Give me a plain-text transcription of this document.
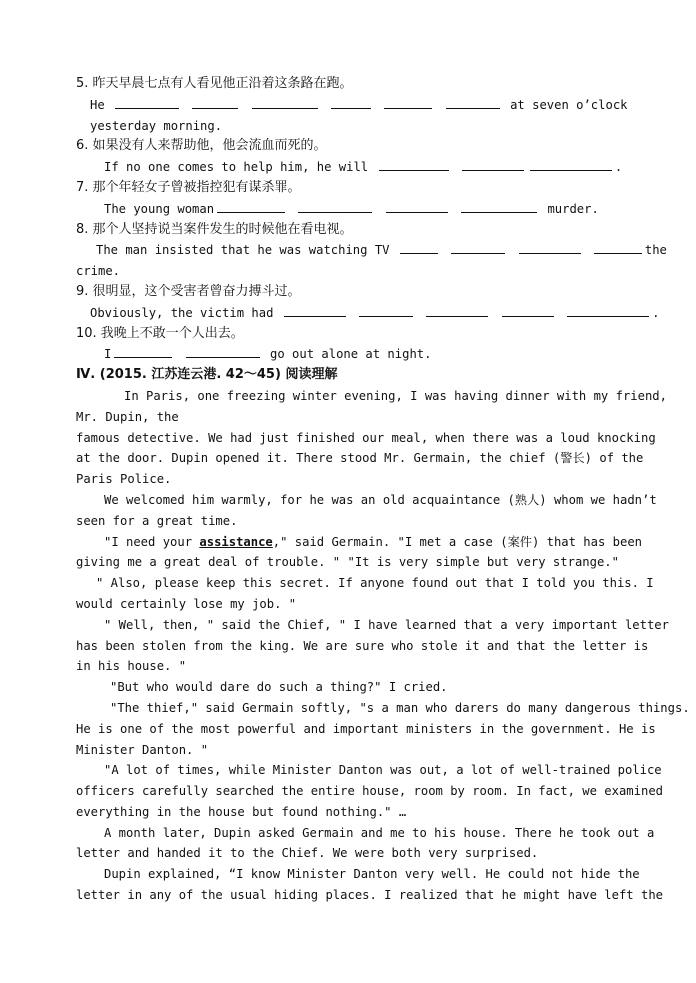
5. 昨天早晨七点有人看见他正沿着这条路在跑。
He	at seven o’clock
yesterday morning.
6. 如果没有人来帮助他，他会流血而死的。
If no one comes to help him, he will	.
7. 那个年轻女子曾被指控犯有谋杀罪。
The young woman	murder.
8. 那个人坚持说当案件发生的时候他在看电视。
The man insisted that he was watching TV	the
crime.
9. 很明显，这个受害者曾奋力搏斗过。
Obviously, the victim had	.
10. 我晚上不敢一个人出去。
I	go out alone at night.
Ⅳ. (2015. 江苏连云港. 42～45) 阅读理解
In Paris, one freezing winter evening, I was having dinner with my friend,
Mr. Dupin, the
famous detective. We had just finished our meal, when there was a loud knocking
at the door. Dupin opened it. There stood Mr. Germain, the chief (警长) of the
Paris Police.
We welcomed him warmly, for he was an old acquaintance (熟人) whom we hadn’t
seen for a great time.
"I need your assistance," said Germain. "I met a case (案件) that has been
giving me a great deal of trouble. " "It is very simple but very strange."
" Also, please keep this secret. If anyone found out that I told you this. I
would certainly lose my job. "
" Well, then, " said the Chief, " I have learned that a very important letter
has been stolen from the king. We are sure who stole it and that the letter is
in his house. "
"But who would dare do such a thing?" I cried.
"The thief," said Germain softly, "s a man who darers do many dangerous things.
He is one of the most powerful and important ministers in the government. He is
Minister Danton. "
"A lot of times, while Minister Danton was out, a lot of well-trained police
officers carefully searched the entire house, room by room. In fact, we examined
everything in the house but found nothing." …
A month later, Dupin asked Germain and me to his house. There he took out a
letter and handed it to the Chief. We were both very surprised.
Dupin explained, “I know Minister Danton very well. He could not hide the
letter in any of the usual hiding places. I realized that he might have left the
